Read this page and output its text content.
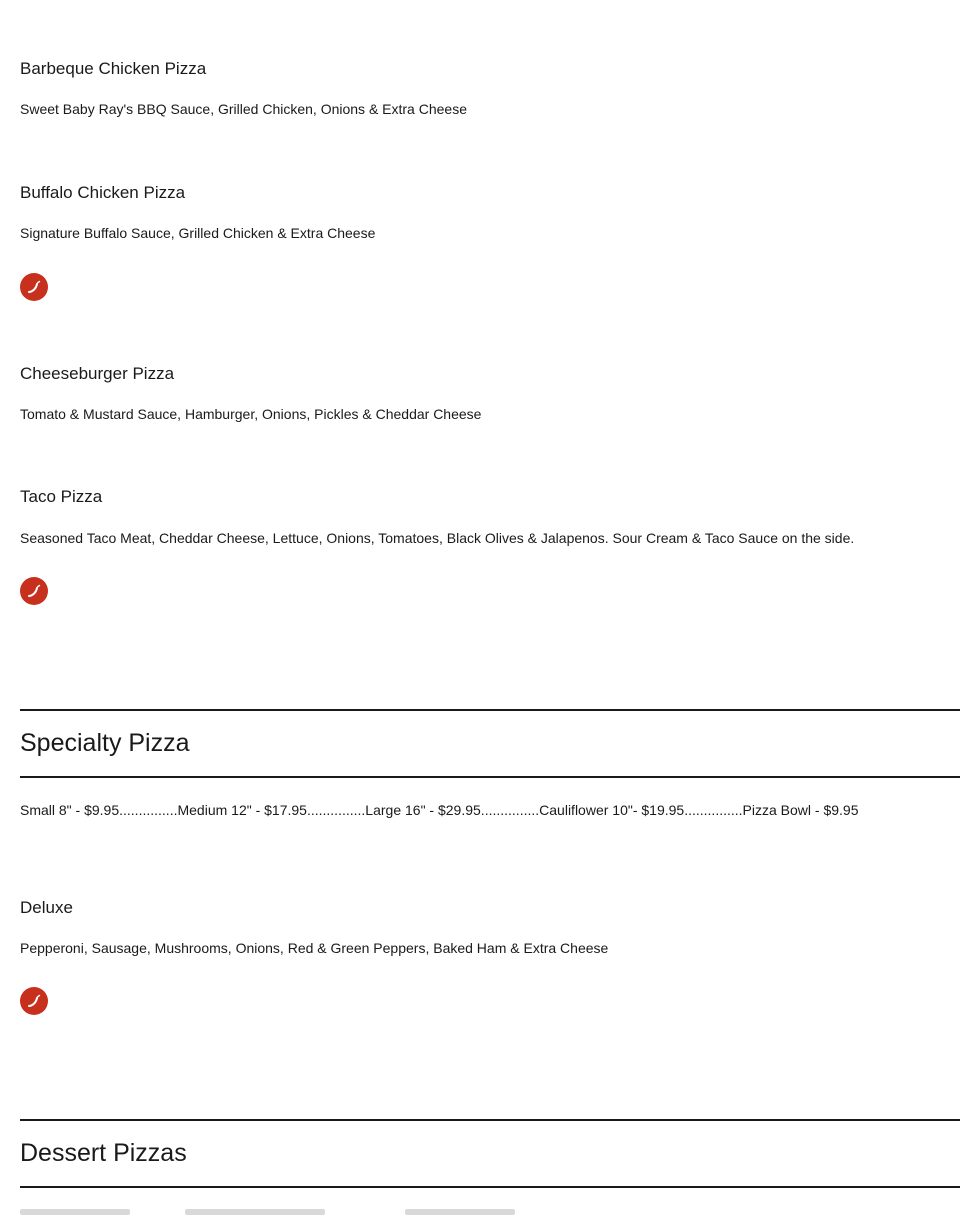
Barbeque Chicken Pizza
Sweet Baby Ray's BBQ Sauce, Grilled Chicken, Onions & Extra Cheese
Buffalo Chicken Pizza
Signature Buffalo Sauce, Grilled Chicken & Extra Cheese
Cheeseburger Pizza
Tomato & Mustard Sauce, Hamburger, Onions, Pickles & Cheddar Cheese
Taco Pizza
Seasoned Taco Meat, Cheddar Cheese, Lettuce, Onions, Tomatoes, Black Olives & Jalapenos. Sour Cream & Taco Sauce on the side.
Specialty Pizza
Small 8" - $9.95...............Medium 12" - $17.95...............Large 16" - $29.95...............Cauliflower 10"- $19.95...............Pizza Bowl - $9.95
Deluxe
Pepperoni, Sausage, Mushrooms, Onions, Red & Green Peppers, Baked Ham & Extra Cheese
Dessert Pizzas
